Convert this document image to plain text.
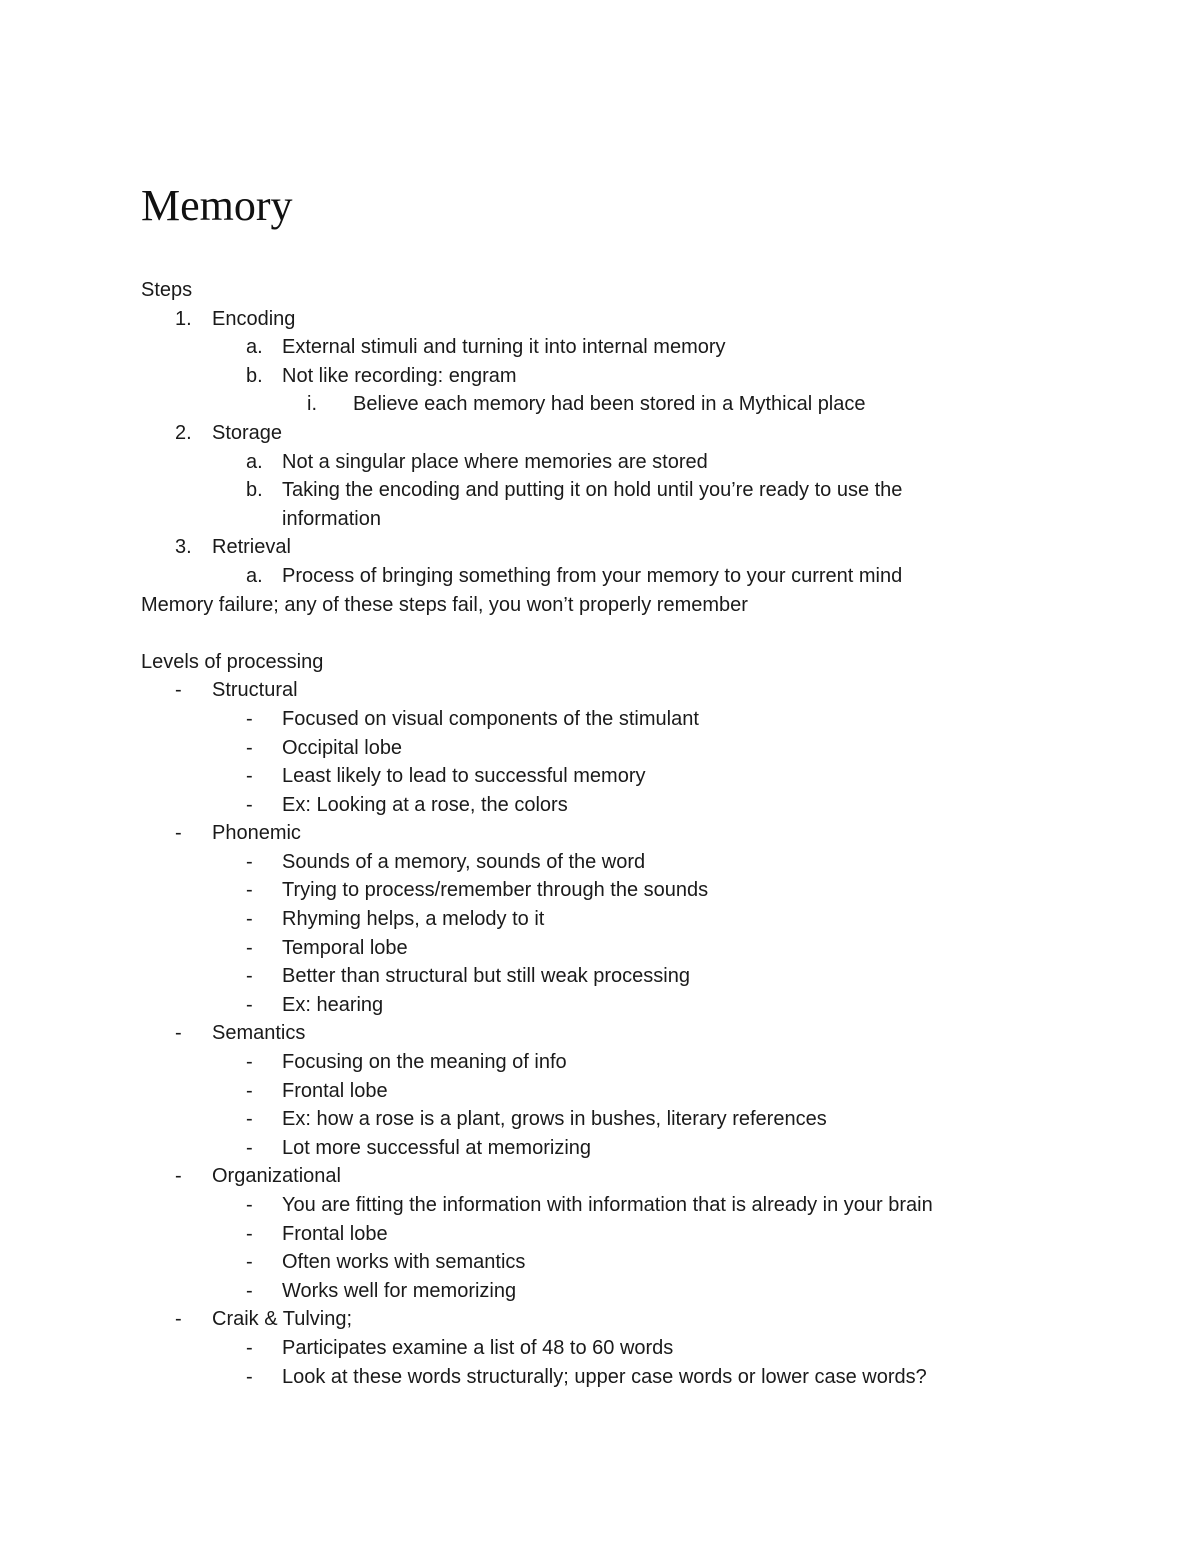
Memory
Steps
1. Encoding
a. External stimuli and turning it into internal memory
b. Not like recording: engram
i. Believe each memory had been stored in a Mythical place
2. Storage
a. Not a singular place where memories are stored
b. Taking the encoding and putting it on hold until you’re ready to use the
information
3. Retrieval
a. Process of bringing something from your memory to your current mind
Memory failure; any of these steps fail, you won’t properly remember
Levels of processing
- Structural
- Focused on visual components of the stimulant
- Occipital lobe
- Least likely to lead to successful memory
- Ex: Looking at a rose, the colors
- Phonemic
- Sounds of a memory, sounds of the word
- Trying to process/remember through the sounds
- Rhyming helps, a melody to it
- Temporal lobe
- Better than structural but still weak processing
- Ex: hearing
- Semantics
- Focusing on the meaning of info
- Frontal lobe
- Ex: how a rose is a plant, grows in bushes, literary references
- Lot more successful at memorizing
- Organizational
- You are fitting the information with information that is already in your brain
- Frontal lobe
- Often works with semantics
- Works well for memorizing
- Craik & Tulving;
- Participates examine a list of 48 to 60 words
- Look at these words structurally; upper case words or lower case words?
